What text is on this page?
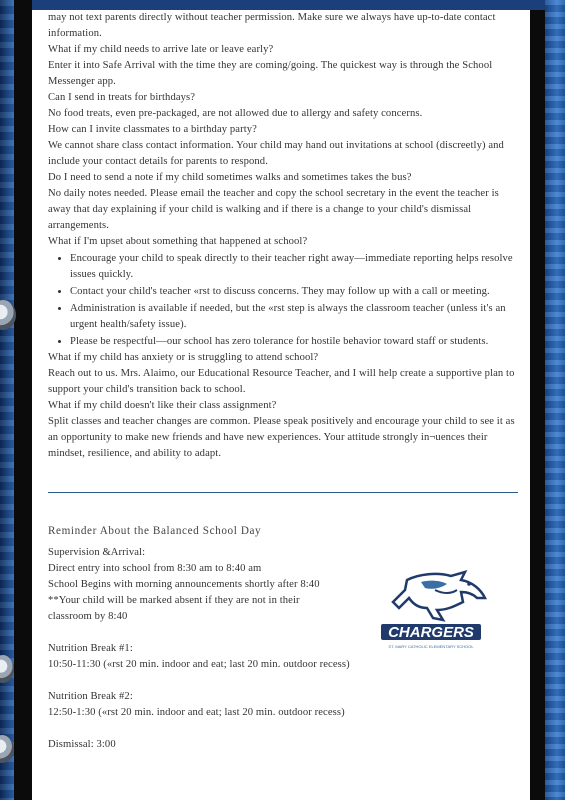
may not text parents directly without teacher permission. Make sure we always have up-to-date contact information.

What if my child needs to arrive late or leave early?

Enter it into Safe Arrival with the time they are coming/going. The quickest way is through the School Messenger app.

Can I send in treats for birthdays?

No food treats, even pre-packaged, are not allowed due to allergy and safety concerns.

How can I invite classmates to a birthday party?

We cannot share class contact information. Your child may hand out invitations at school (discreetly) and include your contact details for parents to respond.

Do I need to send a note if my child sometimes walks and sometimes takes the bus?

No daily notes needed. Please email the teacher and copy the school secretary in the event the teacher is away that day explaining if your child is walking and if there is a change to your child's dismissal arrangements.

What if I'm upset about something that happened at school?

• Encourage your child to speak directly to their teacher right away—immediate reporting helps resolve issues quickly.
• Contact your child's teacher «rst to discuss concerns. They may follow up with a call or meeting.
• Administration is available if needed, but the «rst step is always the classroom teacher (unless it's an urgent health/safety issue).
• Please be respectful—our school has zero tolerance for hostile behavior toward staff or students.

What if my child has anxiety or is struggling to attend school?

Reach out to us. Mrs. Alaimo, our Educational Resource Teacher, and I will help create a supportive plan to support your child's transition back to school.

What if my child doesn't like their class assignment?

Split classes and teacher changes are common. Please speak positively and encourage your child to see it as an opportunity to make new friends and have new experiences. Your attitude strongly in¬uences their mindset, resilience, and ability to adapt.

Reminder About the Balanced School Day

Supervision &Arrival:

Direct entry into school from 8:30 am to 8:40 am

School Begins with morning announcements shortly after 8:40

**Your child will be marked absent if they are not in their

classroom by 8:40

Nutrition Break #1:

10:50-11:30 («rst 20 min. indoor and eat; last 20 min. outdoor recess)

Nutrition Break #2:

12:50-1:30 («rst 20 min. indoor and eat; last 20 min. outdoor recess)

Dismissal: 3:00

CHARGERS
ST. MARY CATHOLIC ELEMENTARY SCHOOL
